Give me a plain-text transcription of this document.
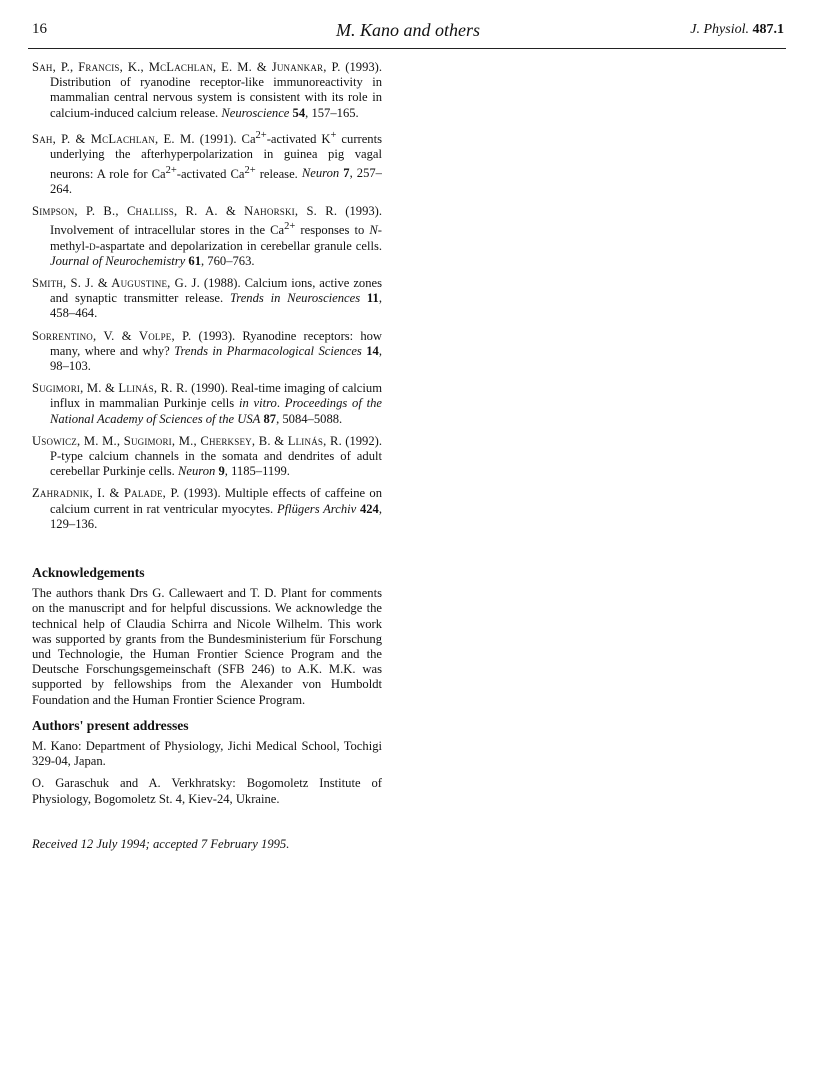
16	M. Kano and others	J. Physiol. 487.1

Sah, P., Francis, K., McLachlan, E. M. & Junankar, P. (1993). Distribution of ryanodine receptor-like immunoreactivity in mammalian central nervous system is consistent with its role in calcium-induced calcium release. Neuroscience 54, 157–165.

Sah, P. & McLachlan, E. M. (1991). $Ca^{2+}$-activated K+ currents underlying the afterhyperpolarization in guinea pig vagal neurons: A role for $Ca^{2+}$-activated $Ca^{2+}$ release. Neuron 7, 257–264.

Simpson, P. B., Challiss, R. A. & Nahorski, S. R. (1993). Involvement of intracellular stores in the $Ca^{2+}$ responses to N-methyl-d-aspartate and depolarization in cerebellar granule cells. Journal of Neurochemistry 61, 760–763.

Smith, S. J. & Augustine, G. J. (1988). Calcium ions, active zones and synaptic transmitter release. Trends in Neurosciences 11, 458–464.

Sorrentino, V. & Volpe, P. (1993). Ryanodine receptors: how many, where and why? Trends in Pharmacological Sciences 14, 98–103.

Sugimori, M. & Llinás, R. R. (1990). Real-time imaging of calcium influx in mammalian Purkinje cells in vitro. Proceedings of the National Academy of Sciences of the USA 87, 5084–5088.

Usowicz, M. M., Sugimori, M., Cherksey, B. & Llinás, R. (1992). P-type calcium channels in the somata and dendrites of adult cerebellar Purkinje cells. Neuron 9, 1185–1199.

Zahradnik, I. & Palade, P. (1993). Multiple effects of caffeine on calcium current in rat ventricular myocytes. Pflügers Archiv 424, 129–136.

Acknowledgements

The authors thank Drs G. Callewaert and T. D. Plant for comments on the manuscript and for helpful discussions. We acknowledge the technical help of Claudia Schirra and Nicole Wilhelm. This work was supported by grants from the Bundesministerium für Forschung und Technologie, the Human Frontier Science Program and the Deutsche Forschungsgemeinschaft (SFB 246) to A.K. M.K. was supported by fellowships from the Alexander von Humboldt Foundation and the Human Frontier Science Program.

Authors' present addresses

M. Kano: Department of Physiology, Jichi Medical School, Tochigi 329-04, Japan.

O. Garaschuk and A. Verkhratsky: Bogomoletz Institute of Physiology, Bogomoletz St. 4, Kiev-24, Ukraine.

Received 12 July 1994; accepted 7 February 1995.
